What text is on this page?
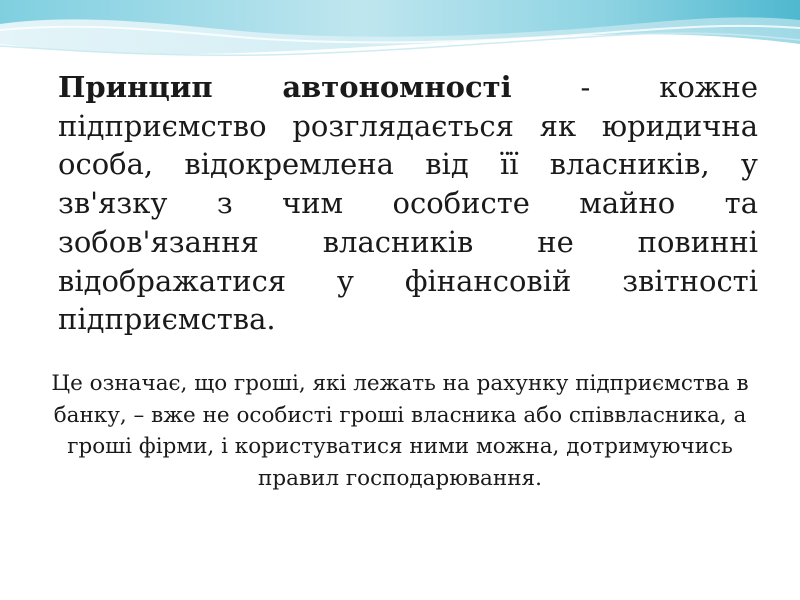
Принцип автономності - кожне підприємство розглядається як юридична особа, відокремлена від її власників, у зв'язку з чим особисте майно та зобов'язання власників не повинні відображатися у фінансовій звітності підприємства.

Це означає, що гроші, які лежать на рахунку підприємства в банку, – вже не особисті гроші власника або співвласника, а гроші фірми, і користуватися ними можна, дотримуючись правил господарювання.
